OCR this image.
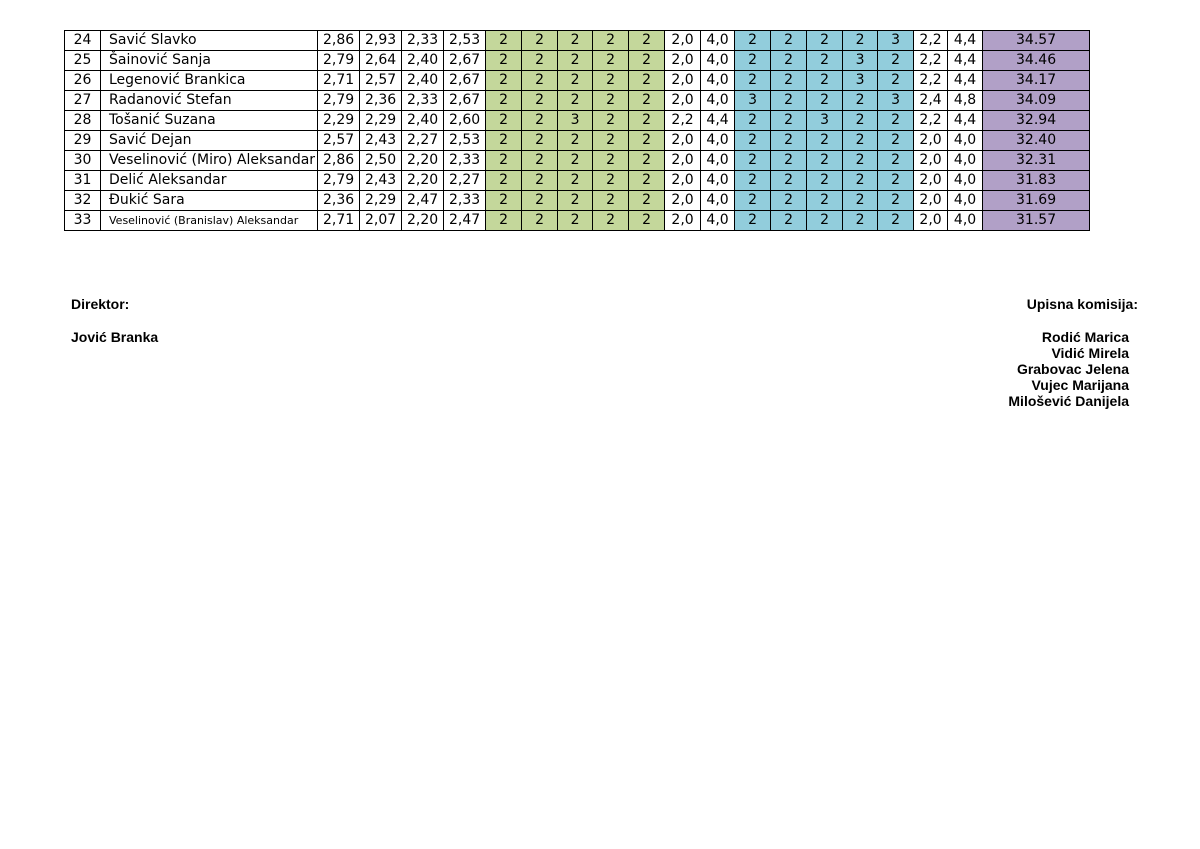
24	Savić Slavko	2,86	2,93	2,33	2,53	2	2	2	2	2	2,0	4,0	2	2	2	2	3	2,2	4,4	34.57
25	Šainović Sanja	2,79	2,64	2,40	2,67	2	2	2	2	2	2,0	4,0	2	2	2	3	2	2,2	4,4	34.46
26	Legenović Brankica	2,71	2,57	2,40	2,67	2	2	2	2	2	2,0	4,0	2	2	2	3	2	2,2	4,4	34.17
27	Radanović Stefan	2,79	2,36	2,33	2,67	2	2	2	2	2	2,0	4,0	3	2	2	2	3	2,4	4,8	34.09
28	Tošanić Suzana	2,29	2,29	2,40	2,60	2	2	3	2	2	2,2	4,4	2	2	3	2	2	2,2	4,4	32.94
29	Savić Dejan	2,57	2,43	2,27	2,53	2	2	2	2	2	2,0	4,0	2	2	2	2	2	2,0	4,0	32.40
30	Veselinović (Miro) Aleksandar	2,86	2,50	2,20	2,33	2	2	2	2	2	2,0	4,0	2	2	2	2	2	2,0	4,0	32.31
31	Delić Aleksandar	2,79	2,43	2,20	2,27	2	2	2	2	2	2,0	4,0	2	2	2	2	2	2,0	4,0	31.83
32	Đukić Sara	2,36	2,29	2,47	2,33	2	2	2	2	2	2,0	4,0	2	2	2	2	2	2,0	4,0	31.69
33	Veselinović (Branislav) Aleksandar	2,71	2,07	2,20	2,47	2	2	2	2	2	2,0	4,0	2	2	2	2	2	2,0	4,0	31.57
Direktor:
Jović Branka
Upisna komisija:
Rodić Marica
Vidić Mirela
Grabovac Jelena
Vujec Marijana
Milošević Danijela
